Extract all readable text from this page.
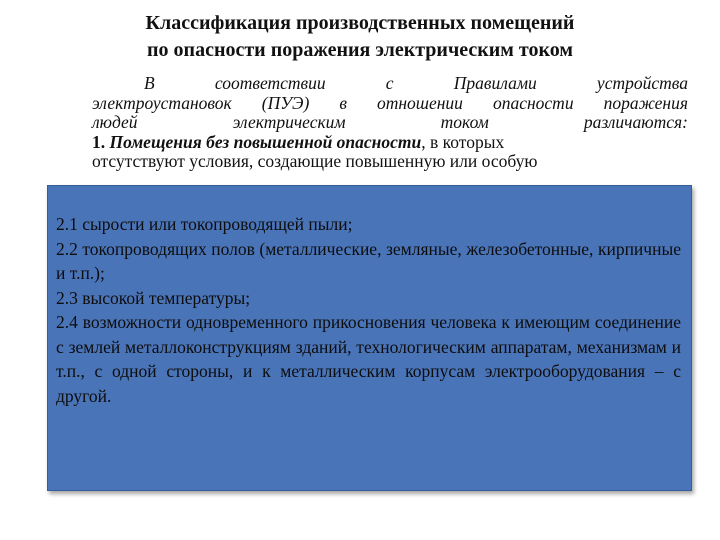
Классификация производственных помещений
по опасности поражения электрическим током

В соответствии с Правилами устройства
электроустановок (ПУЭ) в отношении опасности поражения
людей электрическим током различаются:

1. Помещения без повышенной опасности, в которых
отсутствуют условия, создающие повышенную или особую

2.1 сырости или токопроводящей пыли;

2.2 токопроводящих полов (металлические, земляные, железобетонные, кирпичные и т.п.);

2.3 высокой температуры;

2.4 возможности одновременного прикосновения человека к имеющим соединение с землей металлоконструкциям зданий, технологическим аппаратам, механизмам и т.п., с одной стороны, и к металлическим корпусам электрооборудования – с другой.
